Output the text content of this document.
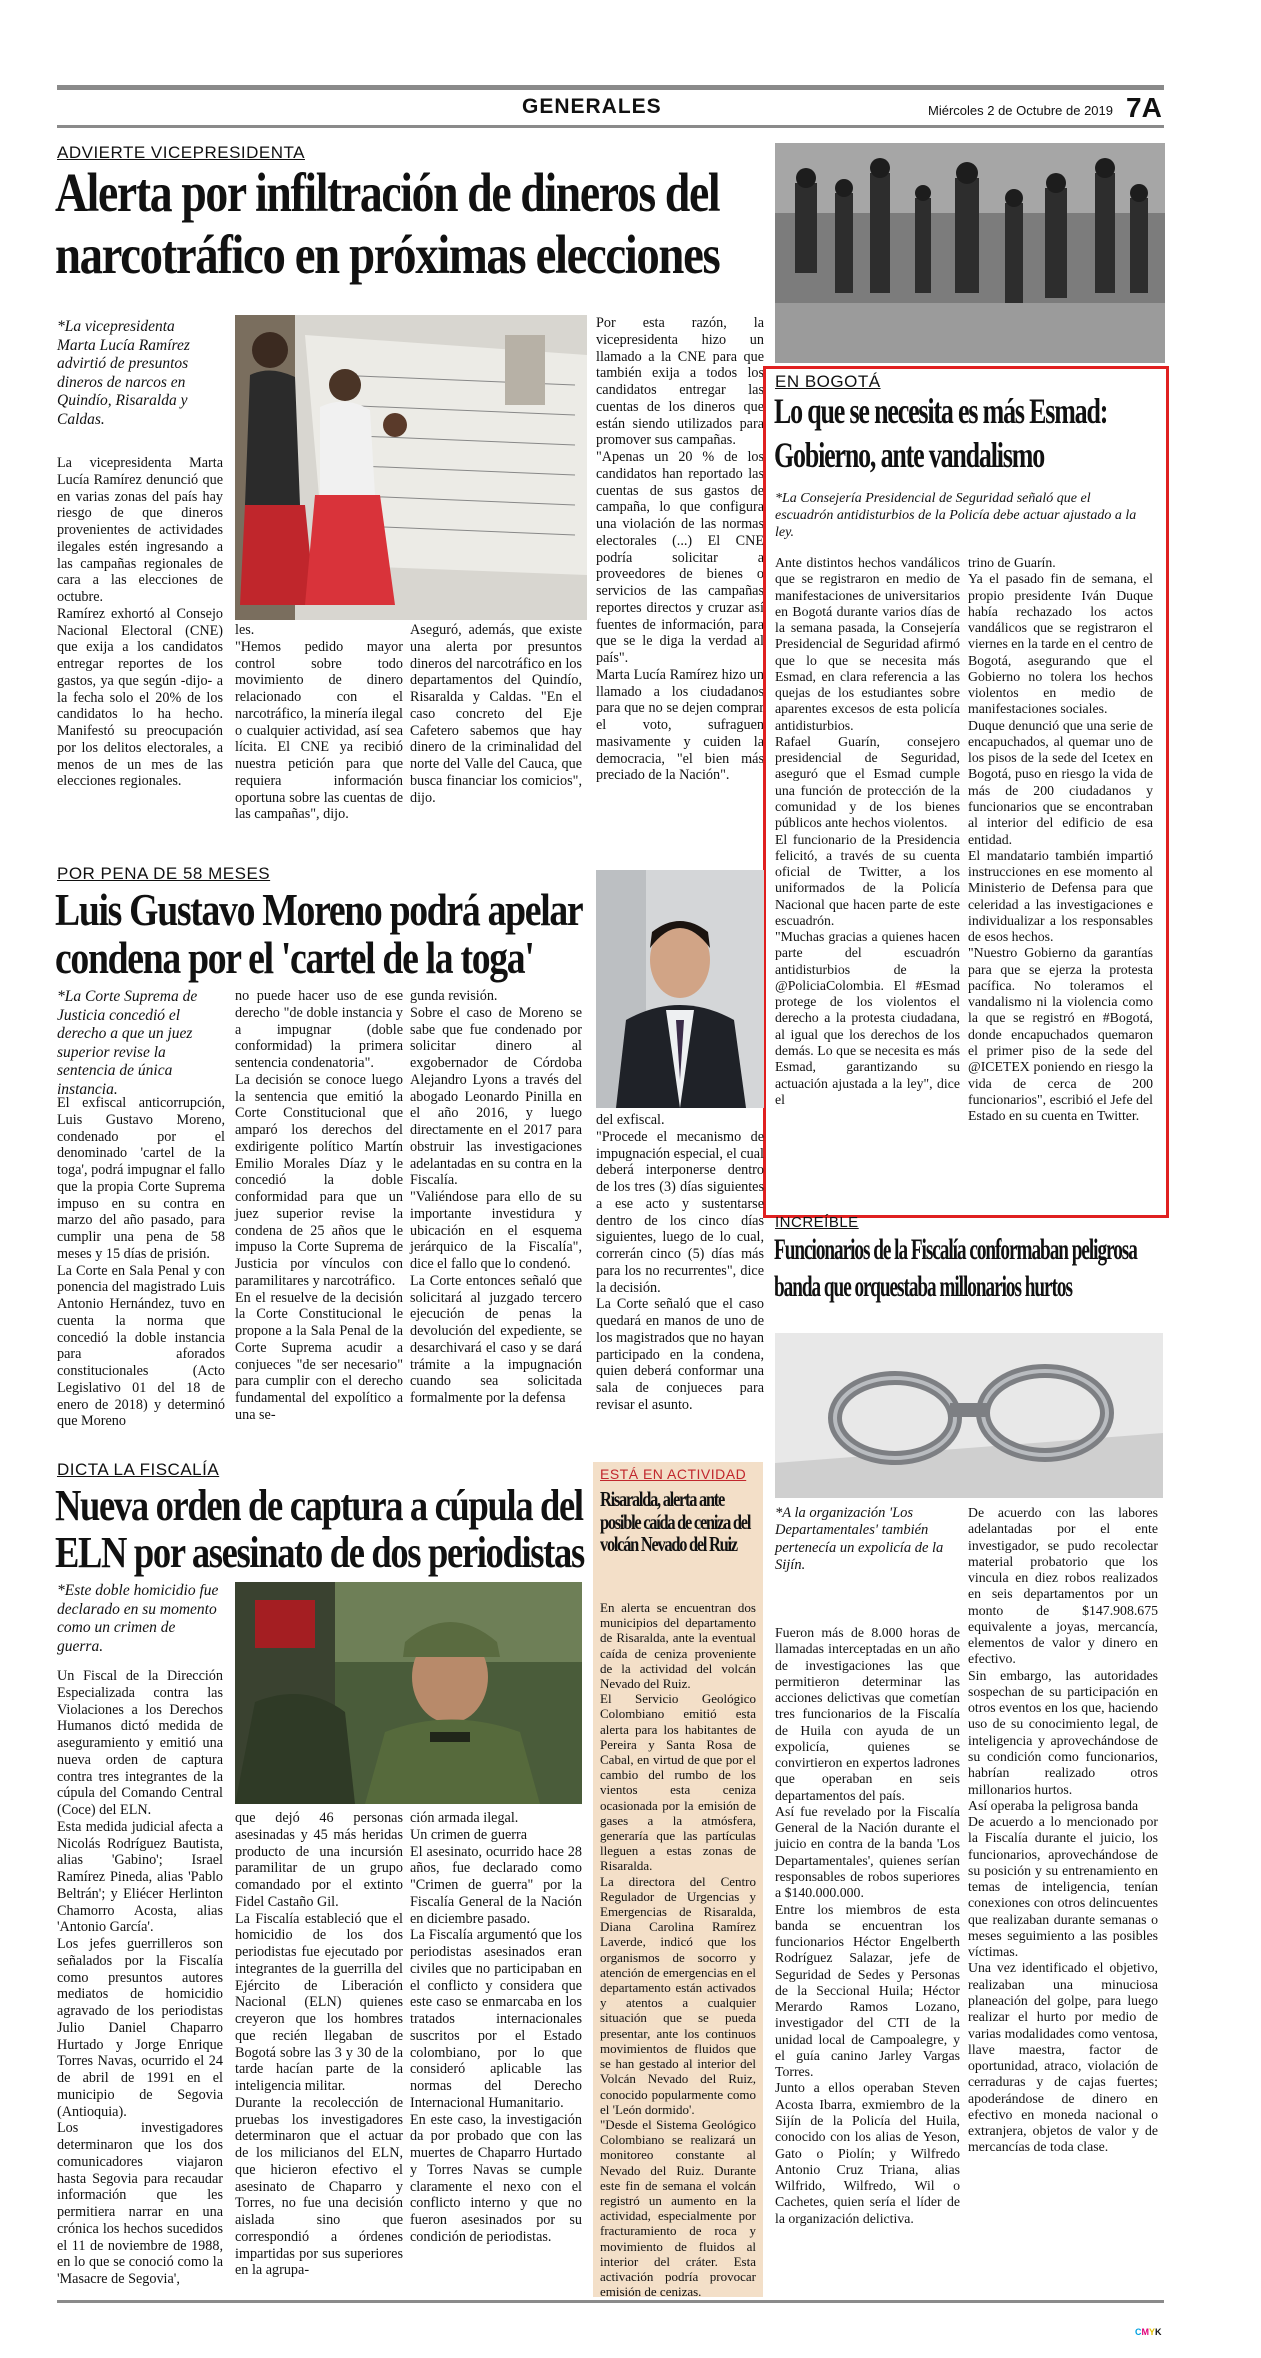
GENERALES	Miércoles 2 de Octubre de 2019 7A
ADVIERTE VICEPRESIDENTA
Alerta por infiltración de dineros del
narcotráfico en próximas elecciones
*La vicepresidenta Marta Lucía Ramírez advirtió de presuntos dineros de narcos en Quindío, Risaralda y Caldas.
La vicepresidenta Marta Lucía Ramírez denunció que en varias zonas del país hay riesgo de que dineros provenientes de actividades ilegales estén ingresando a las campañas regionales de cara a las elecciones de octubre.
Ramírez exhortó al Consejo Nacional Electoral (CNE) que exija a los candidatos entregar reportes de los gastos, ya que según -dijo- a la fecha solo el 20% de los candidatos lo ha hecho. Manifestó su preocupación por los delitos electorales, a menos de un mes de las elecciones regionales.
les.
"Hemos pedido mayor control sobre todo movimiento de dinero relacionado con el narcotráfico, la minería ilegal o cualquier actividad, así sea lícita. El CNE ya recibió nuestra petición para que requiera información oportuna sobre las cuentas de las campañas", dijo.
Aseguró, además, que existe una alerta por presuntos dineros del narcotráfico en los departamentos del Quindío, Risaralda y Caldas. "En el caso concreto del Eje Cafetero sabemos que hay dinero de la criminalidad del norte del Valle del Cauca, que busca financiar los comicios", dijo.
Por esta razón, la vicepresidenta hizo un llamado a la CNE para que también exija a todos los candidatos entregar las cuentas de los dineros que están siendo utilizados para promover sus campañas.
"Apenas un 20 % de los candidatos han reportado las cuentas de sus gastos de campaña, lo que configura una violación de las normas electorales (...) El CNE podría solicitar a proveedores de bienes o servicios de las campañas reportes directos y cruzar así fuentes de información, para que se le diga la verdad al país".
Marta Lucía Ramírez hizo un llamado a los ciudadanos para que no se dejen comprar el voto, sufraguen masivamente y cuiden la democracia, "el bien más preciado de la Nación".
EN BOGOTÁ
Lo que se necesita es más Esmad:
Gobierno, ante vandalismo
*La Consejería Presidencial de Seguridad señaló que el escuadrón antidisturbios de la Policía debe actuar ajustado a la ley.
Ante distintos hechos vandálicos que se registraron en medio de manifestaciones de universitarios en Bogotá durante varios días de la semana pasada, la Consejería Presidencial de Seguridad afirmó que lo que se necesita más Esmad, en clara referencia a las quejas de los estudiantes sobre aparentes excesos de esta policía antidisturbios.
Rafael Guarín, consejero presidencial de Seguridad, aseguró que el Esmad cumple una función de protección de la comunidad y de los bienes públicos ante hechos violentos.
El funcionario de la Presidencia felicitó, a través de su cuenta oficial de Twitter, a los uniformados de la Policía Nacional que hacen parte de este escuadrón.
"Muchas gracias a quienes hacen parte del escuadrón antidisturbios de la @PoliciaColombia. El #Esmad protege de los violentos el derecho a la protesta ciudadana, al igual que los derechos de los demás. Lo que se necesita es más Esmad, garantizando su actuación ajustada a la ley", dice el
trino de Guarín.
Ya el pasado fin de semana, el propio presidente Iván Duque había rechazado los actos vandálicos que se registraron el viernes en la tarde en el centro de Bogotá, asegurando que el Gobierno no tolera los hechos violentos en medio de manifestaciones sociales.
Duque denunció que una serie de encapuchados, al quemar uno de los pisos de la sede del Icetex en Bogotá, puso en riesgo la vida de más de 200 ciudadanos y funcionarios que se encontraban al interior del edificio de esa entidad.
El mandatario también impartió instrucciones en ese momento al Ministerio de Defensa para que celeridad a las investigaciones e individualizar a los responsables de esos hechos.
"Nuestro Gobierno da garantías para que se ejerza la protesta pacífica. No toleramos el vandalismo ni la violencia como la que se registró en #Bogotá, donde encapuchados quemaron el primer piso de la sede del @ICETEX poniendo en riesgo la vida de cerca de 200 funcionarios", escribió el Jefe del Estado en su cuenta en Twitter.
POR PENA DE 58 MESES
Luis Gustavo Moreno podrá apelar
condena por el 'cartel de la toga'
*La Corte Suprema de Justicia concedió el derecho a que un juez superior revise la sentencia de única instancia.
El exfiscal anticorrupción, Luis Gustavo Moreno, condenado por el denominado 'cartel de la toga', podrá impugnar el fallo que la propia Corte Suprema impuso en su contra en marzo del año pasado, para cumplir una pena de 58 meses y 15 días de prisión.
La Corte en Sala Penal y con ponencia del magistrado Luis Antonio Hernández, tuvo en cuenta la norma que concedió la doble instancia para aforados constitucionales (Acto Legislativo 01 del 18 de enero de 2018) y determinó que Moreno
no puede hacer uso de ese derecho "de doble instancia y a impugnar (doble conformidad) la primera sentencia condenatoria".
La decisión se conoce luego la sentencia que emitió la Corte Constitucional que amparó los derechos del exdirigente político Martín Emilio Morales Díaz y le concedió la doble conformidad para que un juez superior revise la condena de 25 años que le impuso la Corte Suprema de Justicia por vínculos con paramilitares y narcotráfico.
En el resuelve de la decisión la Corte Constitucional le propone a la Sala Penal de la Corte Suprema acudir a conjueces "de ser necesario" para cumplir con el derecho fundamental del expolítico a una se-
gunda revisión.
Sobre el caso de Moreno se sabe que fue condenado por solicitar dinero al exgobernador de Córdoba Alejandro Lyons a través del abogado Leonardo Pinilla en el año 2016, y luego directamente en el 2017 para obstruir las investigaciones adelantadas en su contra en la Fiscalía.
"Valiéndose para ello de su importante investidura y ubicación en el esquema jerárquico de la Fiscalía", dice el fallo que lo condenó.
La Corte entonces señaló que solicitará al juzgado tercero ejecución de penas la devolución del expediente, se desarchivará el caso y se dará trámite a la impugnación cuando sea solicitada formalmente por la defensa
del exfiscal.
"Procede el mecanismo de impugnación especial, el cual deberá interponerse dentro de los tres (3) días siguientes a ese acto y sustentarse dentro de los cinco días siguientes, luego de lo cual, correrán cinco (5) días más para los no recurrentes", dice la decisión.
La Corte señaló que el caso quedará en manos de uno de los magistrados que no hayan participado en la condena, quien deberá conformar una sala de conjueces para revisar el asunto.
INCREÍBLE
Funcionarios de la Fiscalía conformaban peligrosa
banda que orquestaba millonarios hurtos
*A la organización 'Los Departamentales' también pertenecía un expolicía de la Sijín.
Fueron más de 8.000 horas de llamadas interceptadas en un año de investigaciones las que permitieron determinar las acciones delictivas que cometían tres funcionarios de la Fiscalía de Huila con ayuda de un expolicía, quienes se convirtieron en expertos ladrones que operaban en seis departamentos del país.
Así fue revelado por la Fiscalía General de la Nación durante el juicio en contra de la banda 'Los Departamentales', quienes serían responsables de robos superiores a $140.000.000.
Entre los miembros de esta banda se encuentran los funcionarios Héctor Engelberth Rodríguez Salazar, jefe de Seguridad de Sedes y Personas de la Seccional Huila; Héctor Merardo Ramos Lozano, investigador del CTI de la unidad local de Campoalegre, y el guía canino Jarley Vargas Torres.
Junto a ellos operaban Steven Acosta Ibarra, exmiembro de la Sijín de la Policía del Huila, conocido con los alias de Yeson, Gato o Piolín; y Wilfredo Antonio Cruz Triana, alias Wilfrido, Wilfredo, Wil o Cachetes, quien sería el líder de la organización delictiva.
De acuerdo con las labores adelantadas por el ente investigador, se pudo recolectar material probatorio que los vincula en diez robos realizados en seis departamentos por un monto de $147.908.675 equivalente a joyas, mercancía, elementos de valor y dinero en efectivo.
Sin embargo, las autoridades sospechan de su participación en otros eventos en los que, haciendo uso de su conocimiento legal, de inteligencia y aprovechándose de su condición como funcionarios, habrían realizado otros millonarios hurtos.
Así operaba la peligrosa banda
De acuerdo a lo mencionado por la Fiscalía durante el juicio, los funcionarios, aprovechándose de su posición y su entrenamiento en temas de inteligencia, tenían conexiones con otros delincuentes que realizaban durante semanas o meses seguimiento a las posibles víctimas.
Una vez identificado el objetivo, realizaban una minuciosa planeación del golpe, para luego realizar el hurto por medio de varias modalidades como ventosa, llave maestra, factor de oportunidad, atraco, violación de cerraduras y de cajas fuertes; apoderándose de dinero en efectivo en moneda nacional o extranjera, objetos de valor y de mercancías de toda clase.
DICTA LA FISCALÍA
Nueva orden de captura a cúpula del
ELN por asesinato de dos periodistas
*Este doble homicidio fue declarado en su momento como un crimen de guerra.
Un Fiscal de la Dirección Especializada contra las Violaciones a los Derechos Humanos dictó medida de aseguramiento y emitió una nueva orden de captura contra tres integrantes de la cúpula del Comando Central (Coce) del ELN.
Esta medida judicial afecta a Nicolás Rodríguez Bautista, alias 'Gabino'; Israel Ramírez Pineda, alias 'Pablo Beltrán'; y Eliécer Herlinton Chamorro Acosta, alias 'Antonio García'.
Los jefes guerrilleros son señalados por la Fiscalía como presuntos autores mediatos de homicidio agravado de los periodistas Julio Daniel Chaparro Hurtado y Jorge Enrique Torres Navas, ocurrido el 24 de abril de 1991 en el municipio de Segovia (Antioquia).
Los investigadores determinaron que los dos comunicadores viajaron hasta Segovia para recaudar información que les permitiera narrar en una crónica los hechos sucedidos el 11 de noviembre de 1988, en lo que se conoció como la 'Masacre de Segovia',
que dejó 46 personas asesinadas y 45 más heridas producto de una incursión paramilitar de un grupo comandado por el extinto Fidel Castaño Gil.
La Fiscalía estableció que el homicidio de los dos periodistas fue ejecutado por integrantes de la guerrilla del Ejército de Liberación Nacional (ELN) quienes creyeron que los hombres que recién llegaban de Bogotá sobre las 3 y 30 de la tarde hacían parte de la inteligencia militar.
Durante la recolección de pruebas los investigadores determinaron que el actuar de los milicianos del ELN, que hicieron efectivo el asesinato de Chaparro y Torres, no fue una decisión aislada sino que correspondió a órdenes impartidas por sus superiores en la agrupa-
ción armada ilegal.
Un crimen de guerra
El asesinato, ocurrido hace 28 años, fue declarado como "Crimen de guerra" por la Fiscalía General de la Nación en diciembre pasado.
La Fiscalía argumentó que los periodistas asesinados eran civiles que no participaban en el conflicto y considera que este caso se enmarcaba en los tratados internacionales suscritos por el Estado colombiano, por lo que consideró aplicable las normas del Derecho Internacional Humanitario.
En este caso, la investigación da por probado que con las muertes de Chaparro Hurtado y Torres Navas se cumple claramente el nexo con el conflicto interno y que no fueron asesinados por su condición de periodistas.
ESTÁ EN ACTIVIDAD
Risaralda, alerta ante posible caída de ceniza del volcán Nevado del Ruiz
En alerta se encuentran dos municipios del departamento de Risaralda, ante la eventual caída de ceniza proveniente de la actividad del volcán Nevado del Ruiz.
El Servicio Geológico Colombiano emitió esta alerta para los habitantes de Pereira y Santa Rosa de Cabal, en virtud de que por el cambio del rumbo de los vientos esta ceniza ocasionada por la emisión de gases a la atmósfera, generaría que las partículas lleguen a estas zonas de Risaralda.
La directora del Centro Regulador de Urgencias y Emergencias de Risaralda, Diana Carolina Ramírez Laverde, indicó que los organismos de socorro y atención de emergencias en el departamento están activados y atentos a cualquier situación que se pueda presentar, ante los continuos movimientos de fluidos que se han gestado al interior del Volcán Nevado del Ruiz, conocido popularmente como el 'León dormido'.
"Desde el Sistema Geológico Colombiano se realizará un monitoreo constante al Nevado del Ruiz. Durante este fin de semana el volcán registró un aumento en la actividad, especialmente por fracturamiento de roca y movimiento de fluidos al interior del cráter. Esta activación podría provocar emisión de cenizas.
CMYK
